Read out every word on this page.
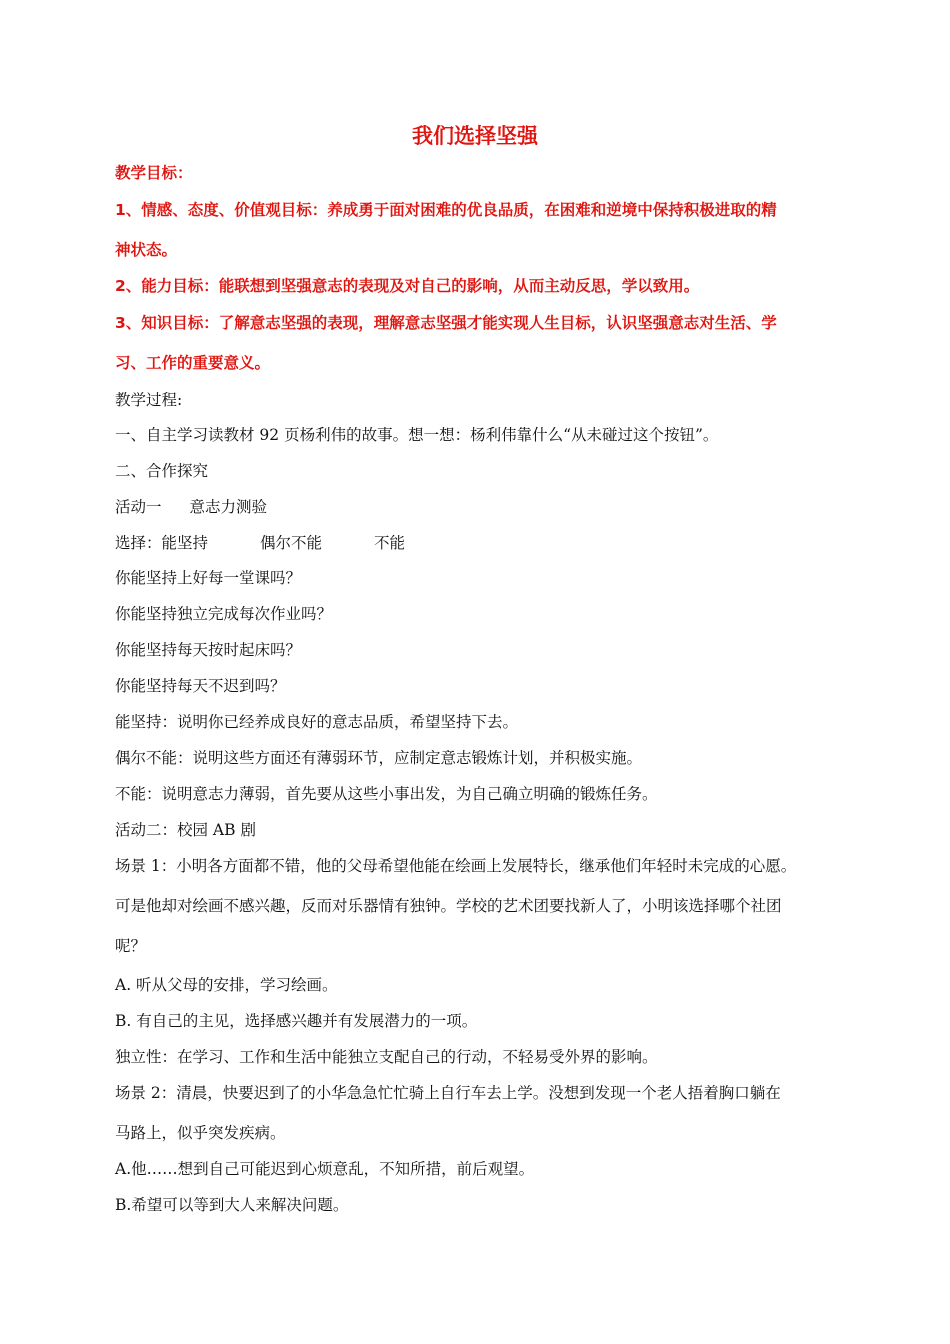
我们选择坚强
教学目标：
1、情感、态度、价值观目标：养成勇于面对困难的优良品质，在困难和逆境中保持积极进取的精
神状态。
2、能力目标：能联想到坚强意志的表现及对自己的影响，从而主动反思，学以致用。
3、知识目标：了解意志坚强的表现，理解意志坚强才能实现人生目标，认识坚强意志对生活、学
习、工作的重要意义。
教学过程:
一、自主学习读教材 92 页杨利伟的故事。想一想：杨利伟靠什么“从未碰过这个按钮”。
二、合作探究
活动一 意志力测验
选择：能坚持	偶尔不能	不能
你能坚持上好每一堂课吗？
你能坚持独立完成每次作业吗？
你能坚持每天按时起床吗？
你能坚持每天不迟到吗？
能坚持：说明你已经养成良好的意志品质，希望坚持下去。
偶尔不能：说明这些方面还有薄弱环节，应制定意志锻炼计划，并积极实施。
不能：说明意志力薄弱，首先要从这些小事出发，为自己确立明确的锻炼任务。
活动二：校园 AB 剧
场景 1：小明各方面都不错，他的父母希望他能在绘画上发展特长，继承他们年轻时未完成的心愿。
可是他却对绘画不感兴趣，反而对乐器情有独钟。学校的艺术团要找新人了，小明该选择哪个社团
呢？
A. 听从父母的安排，学习绘画。
B. 有自己的主见，选择感兴趣并有发展潜力的一项。
独立性：在学习、工作和生活中能独立支配自己的行动，不轻易受外界的影响。
场景 2：清晨，快要迟到了的小华急急忙忙骑上自行车去上学。没想到发现一个老人捂着胸口躺在
马路上，似乎突发疾病。
A.他……想到自己可能迟到心烦意乱，不知所措，前后观望。
B.希望可以等到大人来解决问题。
